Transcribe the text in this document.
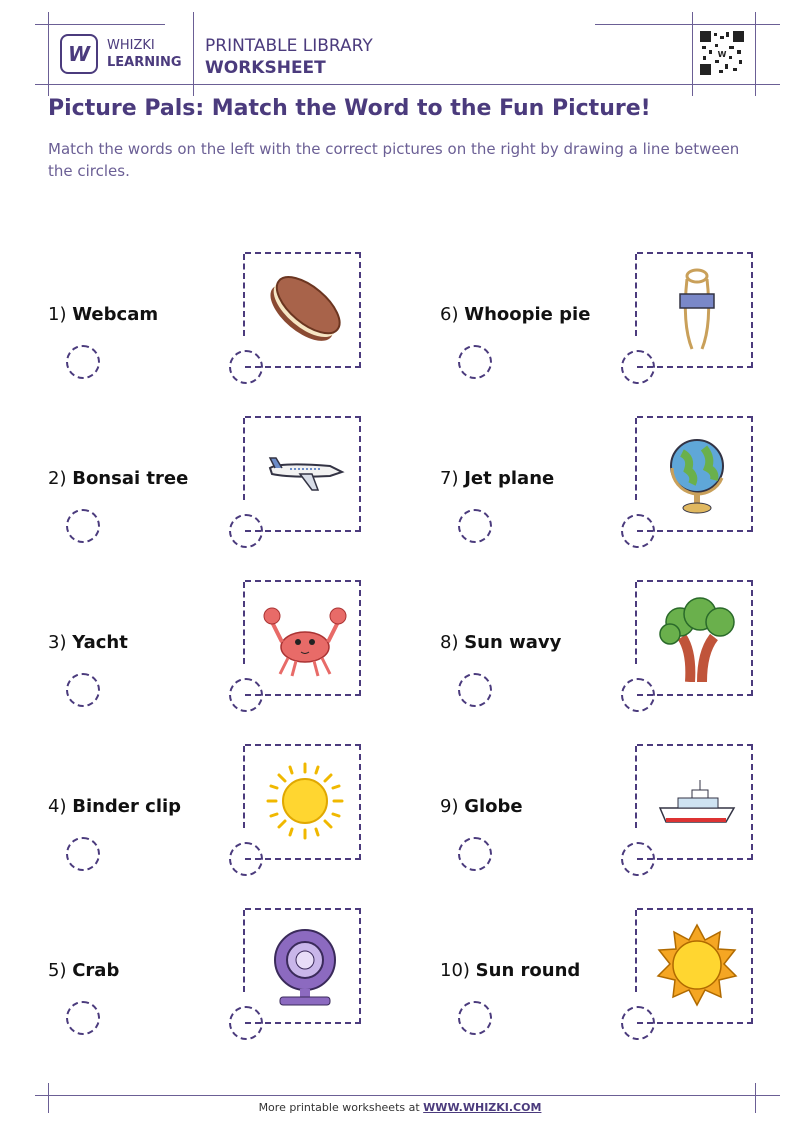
W WHIZKI
LEARNING
PRINTABLE LIBRARY
WORKSHEET
W
Picture Pals: Match the Word to the Fun Picture!
Match the words on the left with the correct pictures on the right by drawing a line between the circles.
1) Webcam
2) Bonsai tree
3) Yacht
4) Binder clip
5) Crab
6) Whoopie pie
7) Jet plane
8) Sun wavy
9) Globe
10) Sun round
More printable worksheets at WWW.WHIZKI.COM
